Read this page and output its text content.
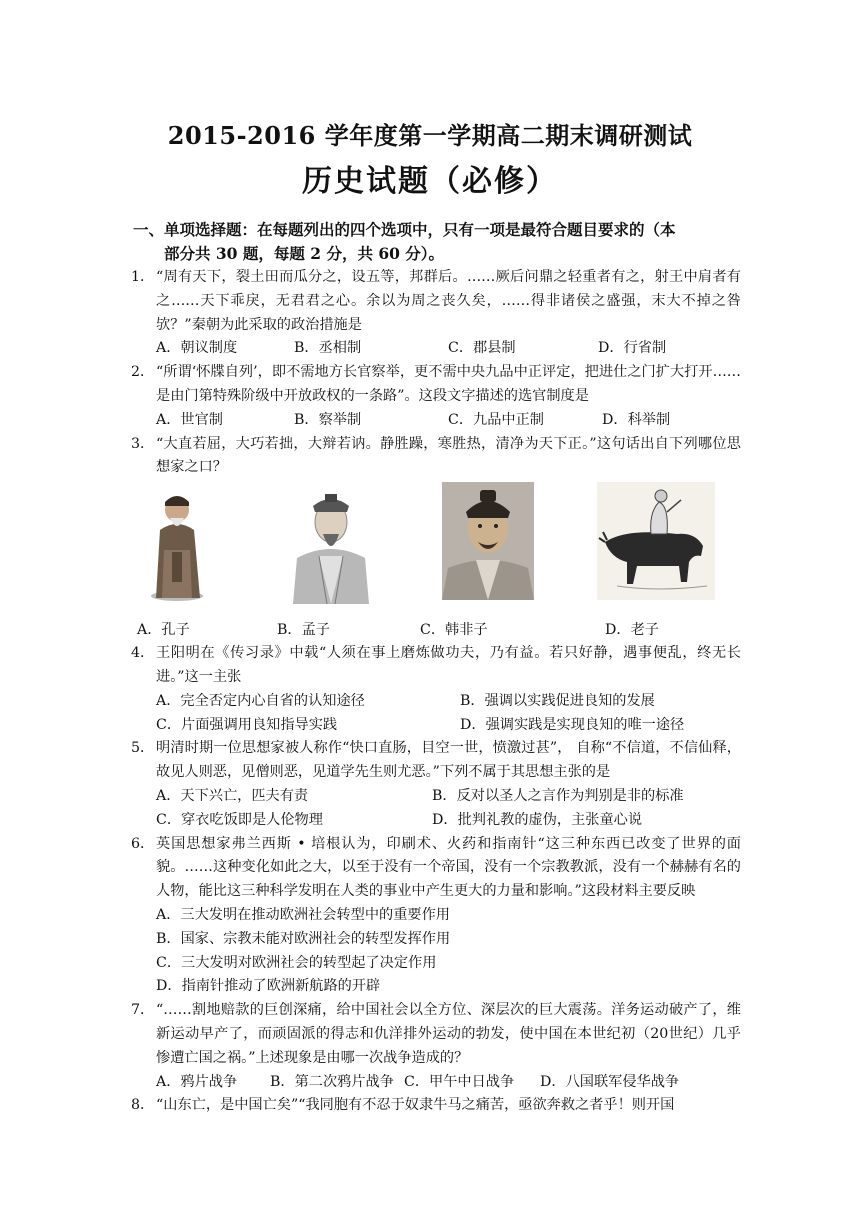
2015-2016 学年度第一学期高二期末调研测试
历史试题（必修）
一、单项选择题：在每题列出的四个选项中，只有一项是最符合题目要求的（本
部分共 30 题，每题 2 分，共 60 分）。
1． “周有天下，裂土田而瓜分之，设五等，邦群后。……厥后问鼎之轻重者有之，射王中肩者有之……天下乖戾，无君君之心。余以为周之丧久矣，……得非诸侯之盛强，末大不掉之咎欤？”秦朝为此采取的政治措施是
A．朝议制度	B．丞相制	C．郡县制	D．行省制
2． “所谓‘怀牒自列’，即不需地方长官察举，更不需中央九品中正评定，把进仕之门扩大打开……是由门第特殊阶级中开放政权的一条路”。这段文字描述的选官制度是
A．世官制	B．察举制	C．九品中正制	D．科举制
3． “大直若屈，大巧若拙，大辩若讷。静胜躁，寒胜热，清净为天下正。”这句话出自下列哪位思想家之口？
A．孔子	B．孟子	C．韩非子	D．老子
4． 王阳明在《传习录》中载“人须在事上磨炼做功夫，乃有益。若只好静，遇事便乱，终无长进。”这一主张
A．完全否定内心自省的认知途径	B．强调以实践促进良知的发展
C．片面强调用良知指导实践	D．强调实践是实现良知的唯一途径
5． 明清时期一位思想家被人称作“快口直肠，目空一世，愤激过甚”， 自称“不信道，不信仙释，故见人则恶，见僧则恶，见道学先生则尤恶。”下列不属于其思想主张的是
A．天下兴亡，匹夫有责	B．反对以圣人之言作为判别是非的标准
C．穿衣吃饭即是人伦物理	D．批判礼教的虚伪，主张童心说
6． 英国思想家弗兰西斯 • 培根认为，印刷术、火药和指南针“这三种东西已改变了世界的面貌。……这种变化如此之大，以至于没有一个帝国，没有一个宗教教派，没有一个赫赫有名的人物，能比这三种科学发明在人类的事业中产生更大的力量和影响。”这段材料主要反映
A．三大发明在推动欧洲社会转型中的重要作用
B．国家、宗教未能对欧洲社会的转型发挥作用
C．三大发明对欧洲社会的转型起了决定作用
D．指南针推动了欧洲新航路的开辟
7． “……割地赔款的巨创深痛，给中国社会以全方位、深层次的巨大震荡。洋务运动破产了，维新运动早产了，而顽固派的得志和仇洋排外运动的勃发，使中国在本世纪初（20世纪）几乎惨遭亡国之祸。”上述现象是由哪一次战争造成的？
A．鸦片战争 B．第二次鸦片战争 C．甲午中日战争 D．八国联军侵华战争
8． “山东亡，是中国亡矣”“我同胞有不忍于奴隶牛马之痛苦，亟欲奔救之者乎！则开国
